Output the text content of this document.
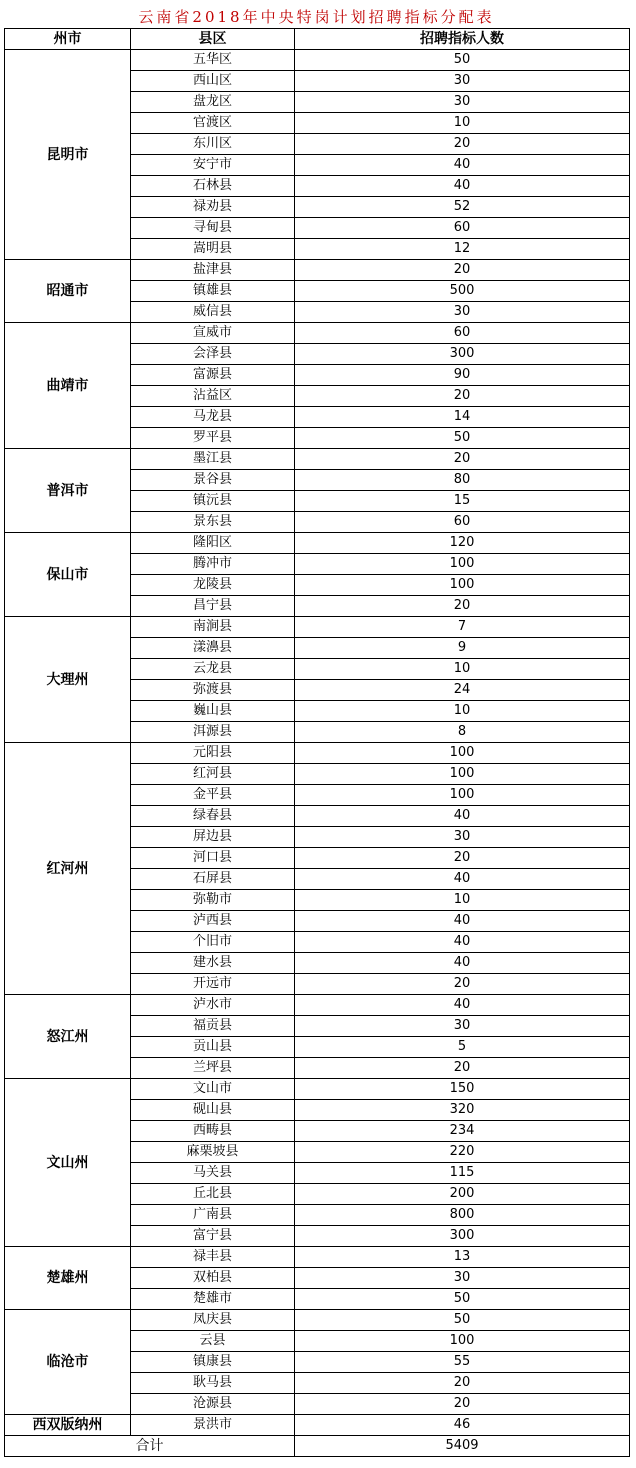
云南省2018年中央特岗计划招聘指标分配表
州市	县区	招聘指标人数
昆明市	五华区	50
	西山区	30
	盘龙区	30
	官渡区	10
	东川区	20
	安宁市	40
	石林县	40
	禄劝县	52
	寻甸县	60
	嵩明县	12
昭通市	盐津县	20
	镇雄县	500
	威信县	30
曲靖市	宣威市	60
	会泽县	300
	富源县	90
	沾益区	20
	马龙县	14
	罗平县	50
普洱市	墨江县	20
	景谷县	80
	镇沅县	15
	景东县	60
保山市	隆阳区	120
	腾冲市	100
	龙陵县	100
	昌宁县	20
大理州	南涧县	7
	漾濞县	9
	云龙县	10
	弥渡县	24
	巍山县	10
	洱源县	8
红河州	元阳县	100
	红河县	100
	金平县	100
	绿春县	40
	屏边县	30
	河口县	20
	石屏县	40
	弥勒市	10
	泸西县	40
	个旧市	40
	建水县	40
	开远市	20
怒江州	泸水市	40
	福贡县	30
	贡山县	5
	兰坪县	20
文山州	文山市	150
	砚山县	320
	西畴县	234
	麻栗坡县	220
	马关县	115
	丘北县	200
	广南县	800
	富宁县	300
楚雄州	禄丰县	13
	双柏县	30
	楚雄市	50
临沧市	凤庆县	50
	云县	100
	镇康县	55
	耿马县	20
	沧源县	20
西双版纳州	景洪市	46
合计		5409
